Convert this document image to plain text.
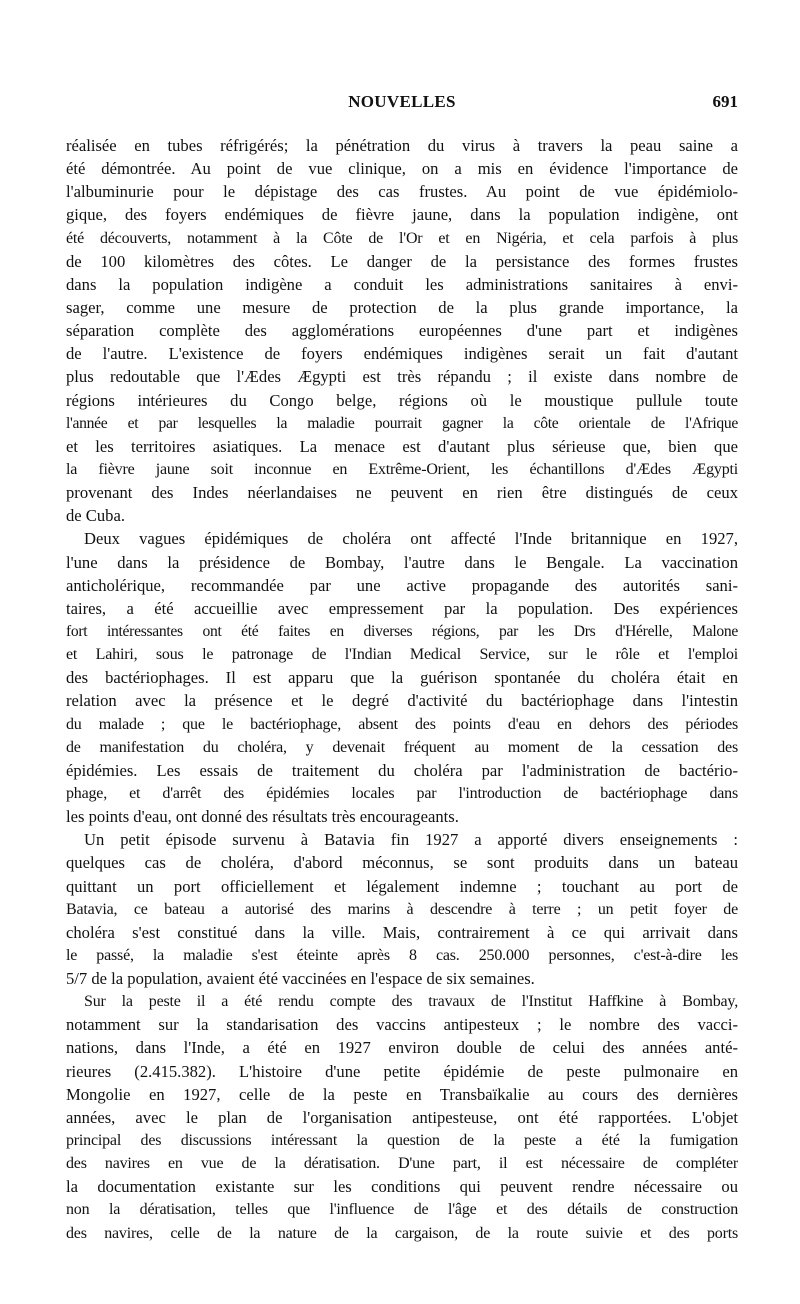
NOUVELLES	691
réalisée en tubes réfrigérés; la pénétration du virus à travers la peau saine a
été démontrée. Au point de vue clinique, on a mis en évidence l'importance de
l'albuminurie pour le dépistage des cas frustes. Au point de vue épidémiolo-
gique, des foyers endémiques de fièvre jaune, dans la population indigène, ont
été découverts, notamment à la Côte de l'Or et en Nigéria, et cela parfois à plus
de 100 kilomètres des côtes. Le danger de la persistance des formes frustes
dans la population indigène a conduit les administrations sanitaires à envi-
sager, comme une mesure de protection de la plus grande importance, la
séparation complète des agglomérations européennes d'une part et indigènes
de l'autre. L'existence de foyers endémiques indigènes serait un fait d'autant
plus redoutable que l'Ædes Ægypti est très répandu ; il existe dans nombre de
régions intérieures du Congo belge, régions où le moustique pullule toute
l'année et par lesquelles la maladie pourrait gagner la côte orientale de l'Afrique
et les territoires asiatiques. La menace est d'autant plus sérieuse que, bien que
la fièvre jaune soit inconnue en Extrême-Orient, les échantillons d'Ædes Ægypti
provenant des Indes néerlandaises ne peuvent en rien être distingués de ceux
de Cuba.
Deux vagues épidémiques de choléra ont affecté l'Inde britannique en 1927,
l'une dans la présidence de Bombay, l'autre dans le Bengale. La vaccination
anticholérique, recommandée par une active propagande des autorités sani-
taires, a été accueillie avec empressement par la population. Des expériences
fort intéressantes ont été faites en diverses régions, par les Drs d'Hérelle, Malone
et Lahiri, sous le patronage de l'Indian Medical Service, sur le rôle et l'emploi
des bactériophages. Il est apparu que la guérison spontanée du choléra était en
relation avec la présence et le degré d'activité du bactériophage dans l'intestin
du malade ; que le bactériophage, absent des points d'eau en dehors des périodes
de manifestation du choléra, y devenait fréquent au moment de la cessation des
épidémies. Les essais de traitement du choléra par l'administration de bactério-
phage, et d'arrêt des épidémies locales par l'introduction de bactériophage dans
les points d'eau, ont donné des résultats très encourageants.
Un petit épisode survenu à Batavia fin 1927 a apporté divers enseignements :
quelques cas de choléra, d'abord méconnus, se sont produits dans un bateau
quittant un port officiellement et légalement indemne ; touchant au port de
Batavia, ce bateau a autorisé des marins à descendre à terre ; un petit foyer de
choléra s'est constitué dans la ville. Mais, contrairement à ce qui arrivait dans
le passé, la maladie s'est éteinte après 8 cas. 250.000 personnes, c'est-à-dire les
5/7 de la population, avaient été vaccinées en l'espace de six semaines.
Sur la peste il a été rendu compte des travaux de l'Institut Haffkine à Bombay,
notamment sur la standarisation des vaccins antipesteux ; le nombre des vacci-
nations, dans l'Inde, a été en 1927 environ double de celui des années anté-
rieures (2.415.382). L'histoire d'une petite épidémie de peste pulmonaire en
Mongolie en 1927, celle de la peste en Transbaïkalie au cours des dernières
années, avec le plan de l'organisation antipesteuse, ont été rapportées. L'objet
principal des discussions intéressant la question de la peste a été la fumigation
des navires en vue de la dératisation. D'une part, il est nécessaire de compléter
la documentation existante sur les conditions qui peuvent rendre nécessaire ou
non la dératisation, telles que l'influence de l'âge et des détails de construction
des navires, celle de la nature de la cargaison, de la route suivie et des ports
